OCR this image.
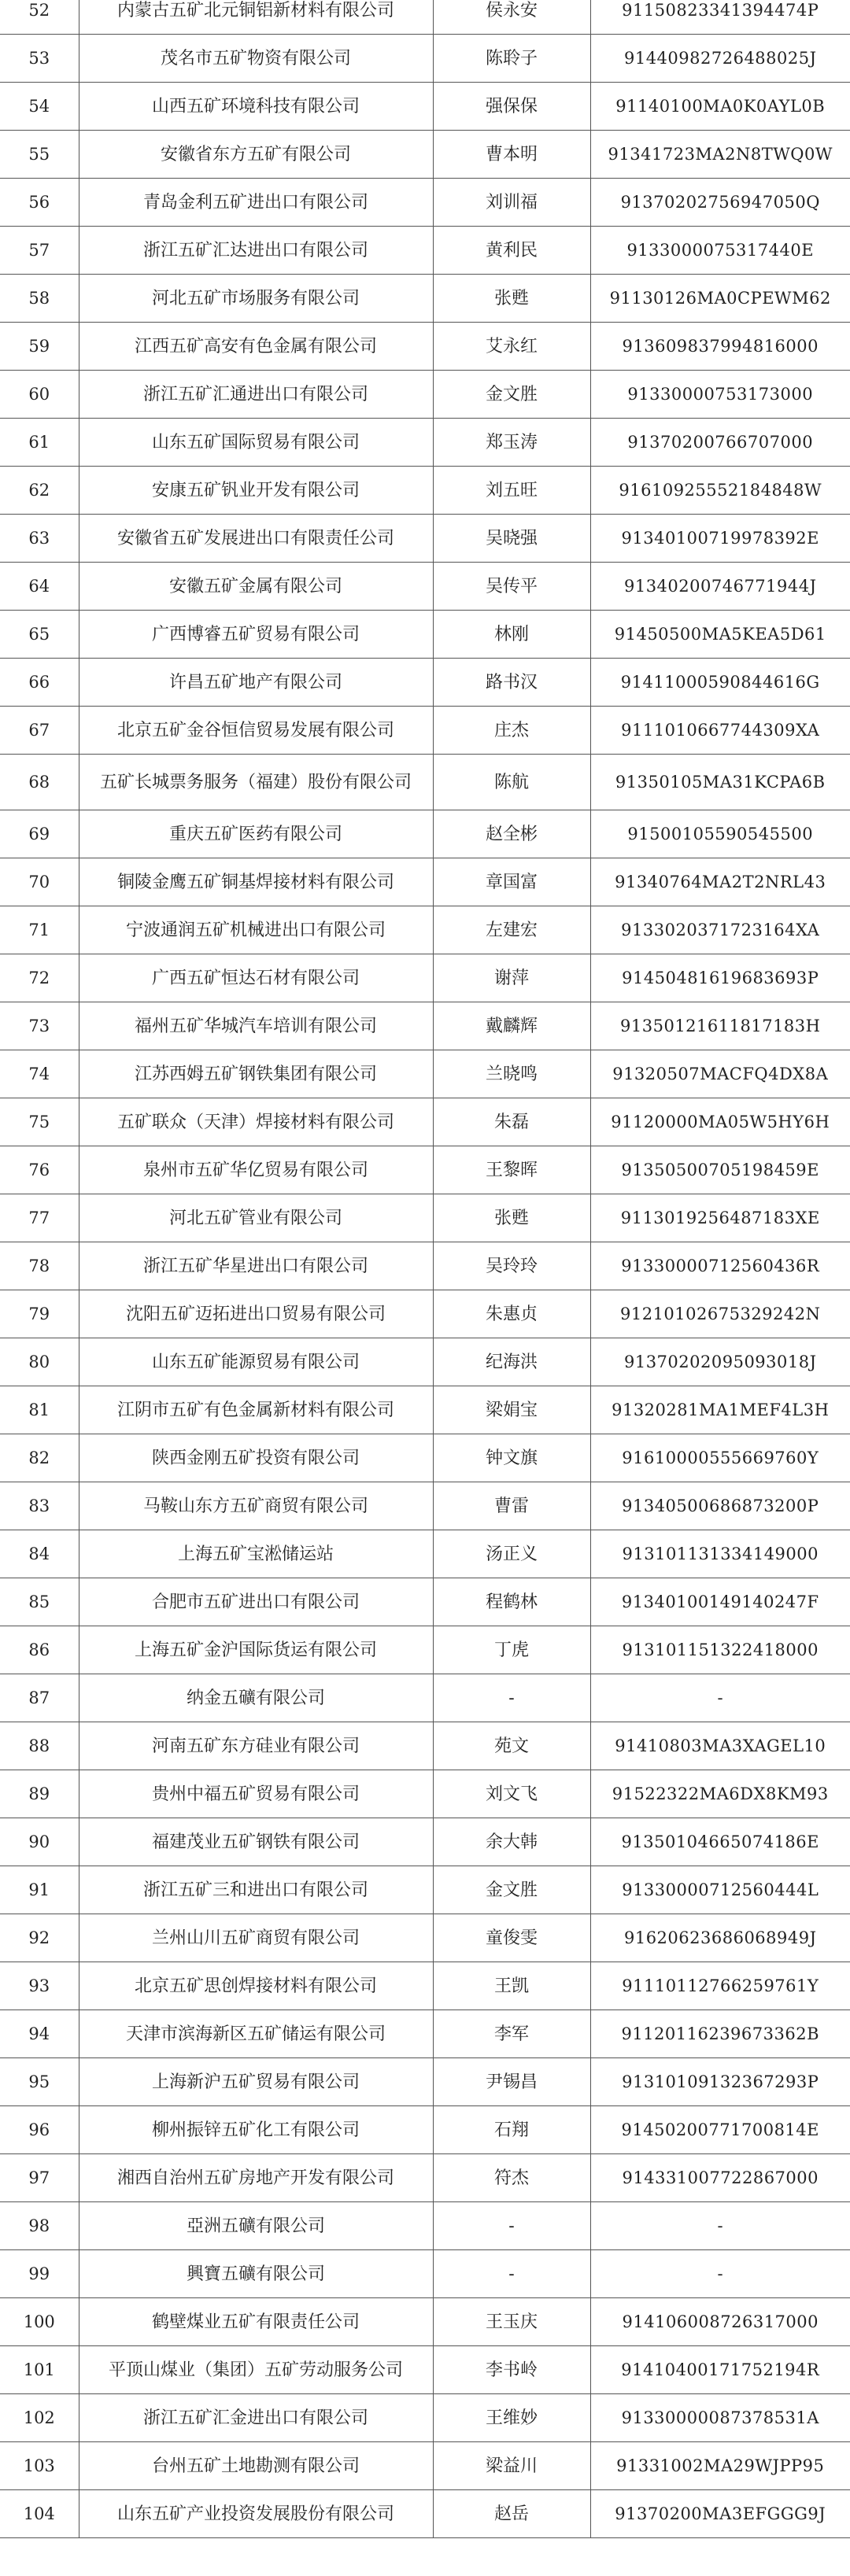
52	内蒙古五矿北元铜铝新材料有限公司	侯永安	91150823341394474P
53	茂名市五矿物资有限公司	陈聆子	91440982726488025J
54	山西五矿环境科技有限公司	强保保	91140100MA0K0AYL0B
55	安徽省东方五矿有限公司	曹本明	91341723MA2N8TWQ0W
56	青岛金利五矿进出口有限公司	刘训福	91370202756947050Q
57	浙江五矿汇达进出口有限公司	黄利民	9133000075317440E
58	河北五矿市场服务有限公司	张甦	91130126MA0CPEWM62
59	江西五矿高安有色金属有限公司	艾永红	913609837994816000
60	浙江五矿汇通进出口有限公司	金文胜	91330000753173000
61	山东五矿国际贸易有限公司	郑玉涛	91370200766707000
62	安康五矿钒业开发有限公司	刘五旺	91610925552184848W
63	安徽省五矿发展进出口有限责任公司	吴晓强	91340100719978392E
64	安徽五矿金属有限公司	吴传平	91340200746771944J
65	广西博睿五矿贸易有限公司	林刚	91450500MA5KEA5D61
66	许昌五矿地产有限公司	路书汉	91411000590844616G
67	北京五矿金谷恒信贸易发展有限公司	庄杰	9111010667744309XA
68	五矿长城票务服务（福建）股份有限公司	陈航	91350105MA31KCPA6B
69	重庆五矿医药有限公司	赵全彬	91500105590545500
70	铜陵金鹰五矿铜基焊接材料有限公司	章国富	91340764MA2T2NRL43
71	宁波通润五矿机械进出口有限公司	左建宏	9133020371723164XA
72	广西五矿恒达石材有限公司	谢萍	91450481619683693P
73	福州五矿华城汽车培训有限公司	戴麟辉	91350121611817183H
74	江苏西姆五矿钢铁集团有限公司	兰晓鸣	91320507MACFQ4DX8A
75	五矿联众（天津）焊接材料有限公司	朱磊	91120000MA05W5HY6H
76	泉州市五矿华亿贸易有限公司	王黎晖	91350500705198459E
77	河北五矿管业有限公司	张甦	9113019256487183XE
78	浙江五矿华星进出口有限公司	吴玲玲	91330000712560436R
79	沈阳五矿迈拓进出口贸易有限公司	朱惠贞	91210102675329242N
80	山东五矿能源贸易有限公司	纪海洪	91370202095093018J
81	江阴市五矿有色金属新材料有限公司	梁娟宝	91320281MA1MEF4L3H
82	陕西金刚五矿投资有限公司	钟文旗	91610000555669760Y
83	马鞍山东方五矿商贸有限公司	曹雷	91340500686873200P
84	上海五矿宝淞储运站	汤正义	913101131334149000
85	合肥市五矿进出口有限公司	程鹤林	91340100149140247F
86	上海五矿金沪国际货运有限公司	丁虎	913101151322418000
87	纳金五礦有限公司	-	-
88	河南五矿东方硅业有限公司	苑文	91410803MA3XAGEL10
89	贵州中福五矿贸易有限公司	刘文飞	91522322MA6DX8KM93
90	福建茂业五矿钢铁有限公司	余大韩	91350104665074186E
91	浙江五矿三和进出口有限公司	金文胜	91330000712560444L
92	兰州山川五矿商贸有限公司	童俊雯	91620623686068949J
93	北京五矿思创焊接材料有限公司	王凯	91110112766259761Y
94	天津市滨海新区五矿储运有限公司	李军	91120116239673362B
95	上海新沪五矿贸易有限公司	尹锡昌	91310109132367293P
96	柳州振锌五矿化工有限公司	石翔	91450200771700814E
97	湘西自治州五矿房地产开发有限公司	符杰	914331007722867000
98	亞洲五礦有限公司	-	-
99	興寶五礦有限公司	-	-
100	鹤壁煤业五矿有限责任公司	王玉庆	914106008726317000
101	平顶山煤业（集团）五矿劳动服务公司	李书岭	91410400171752194R
102	浙江五矿汇金进出口有限公司	王维妙	91330000087378531A
103	台州五矿土地勘测有限公司	梁益川	91331002MA29WJPP95
104	山东五矿产业投资发展股份有限公司	赵岳	91370200MA3EFGGG9J
